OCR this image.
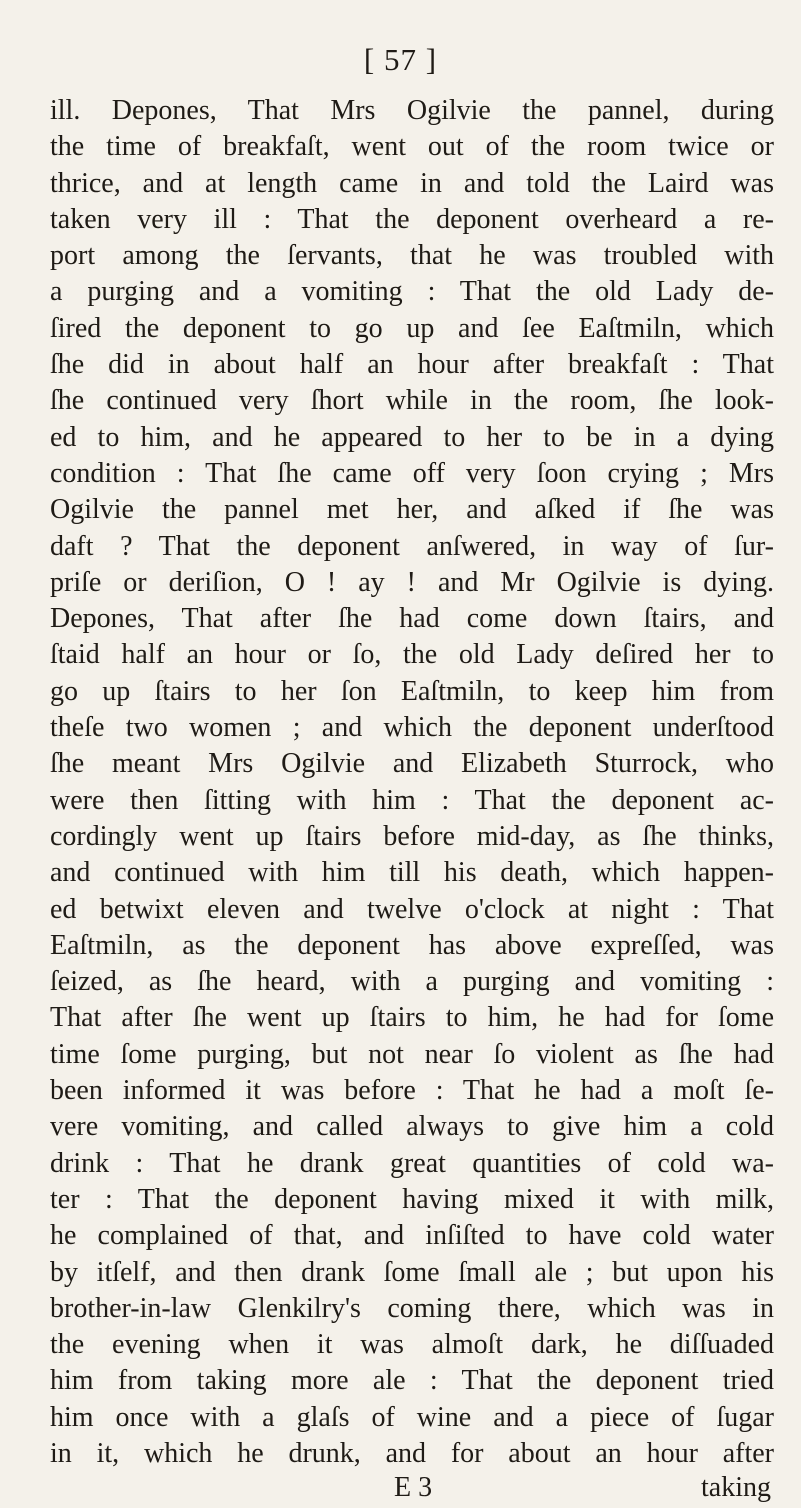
[ 57 ]
ill. Depones, That Mrs Ogilvie the pannel, during
the time of breakfaſt, went out of the room twice or
thrice, and at length came in and told the Laird was
taken very ill : That the deponent overheard a re-
port among the ſervants, that he was troubled with
a purging and a vomiting : That the old Lady de-
ſired the deponent to go up and ſee Eaſtmiln, which
ſhe did in about half an hour after breakfaſt : That
ſhe continued very ſhort while in the room, ſhe look-
ed to him, and he appeared to her to be in a dying
condition : That ſhe came off very ſoon crying ; Mrs
Ogilvie the pannel met her, and aſked if ſhe was
daft ? That the deponent anſwered, in way of ſur-
priſe or deriſion, O ! ay ! and Mr Ogilvie is dying.
Depones, That after ſhe had come down ſtairs, and
ſtaid half an hour or ſo, the old Lady deſired her to
go up ſtairs to her ſon Eaſtmiln, to keep him from
theſe two women ; and which the deponent underſtood
ſhe meant Mrs Ogilvie and Elizabeth Sturrock, who
were then ſitting with him : That the deponent ac-
cordingly went up ſtairs before mid-day, as ſhe thinks,
and continued with him till his death, which happen-
ed betwixt eleven and twelve o'clock at night : That
Eaſtmiln, as the deponent has above expreſſed, was
ſeized, as ſhe heard, with a purging and vomiting :
That after ſhe went up ſtairs to him, he had for ſome
time ſome purging, but not near ſo violent as ſhe had
been informed it was before : That he had a moſt ſe-
vere vomiting, and called always to give him a cold
drink : That he drank great quantities of cold wa-
ter : That the deponent having mixed it with milk,
he complained of that, and inſiſted to have cold water
by itſelf, and then drank ſome ſmall ale ; but upon his
brother-in-law Glenkilry's coming there, which was in
the evening when it was almoſt dark, he diſſuaded
him from taking more ale : That the deponent tried
him once with a glaſs of wine and a piece of ſugar
in it, which he drunk, and for about an hour after
E 3	taking
